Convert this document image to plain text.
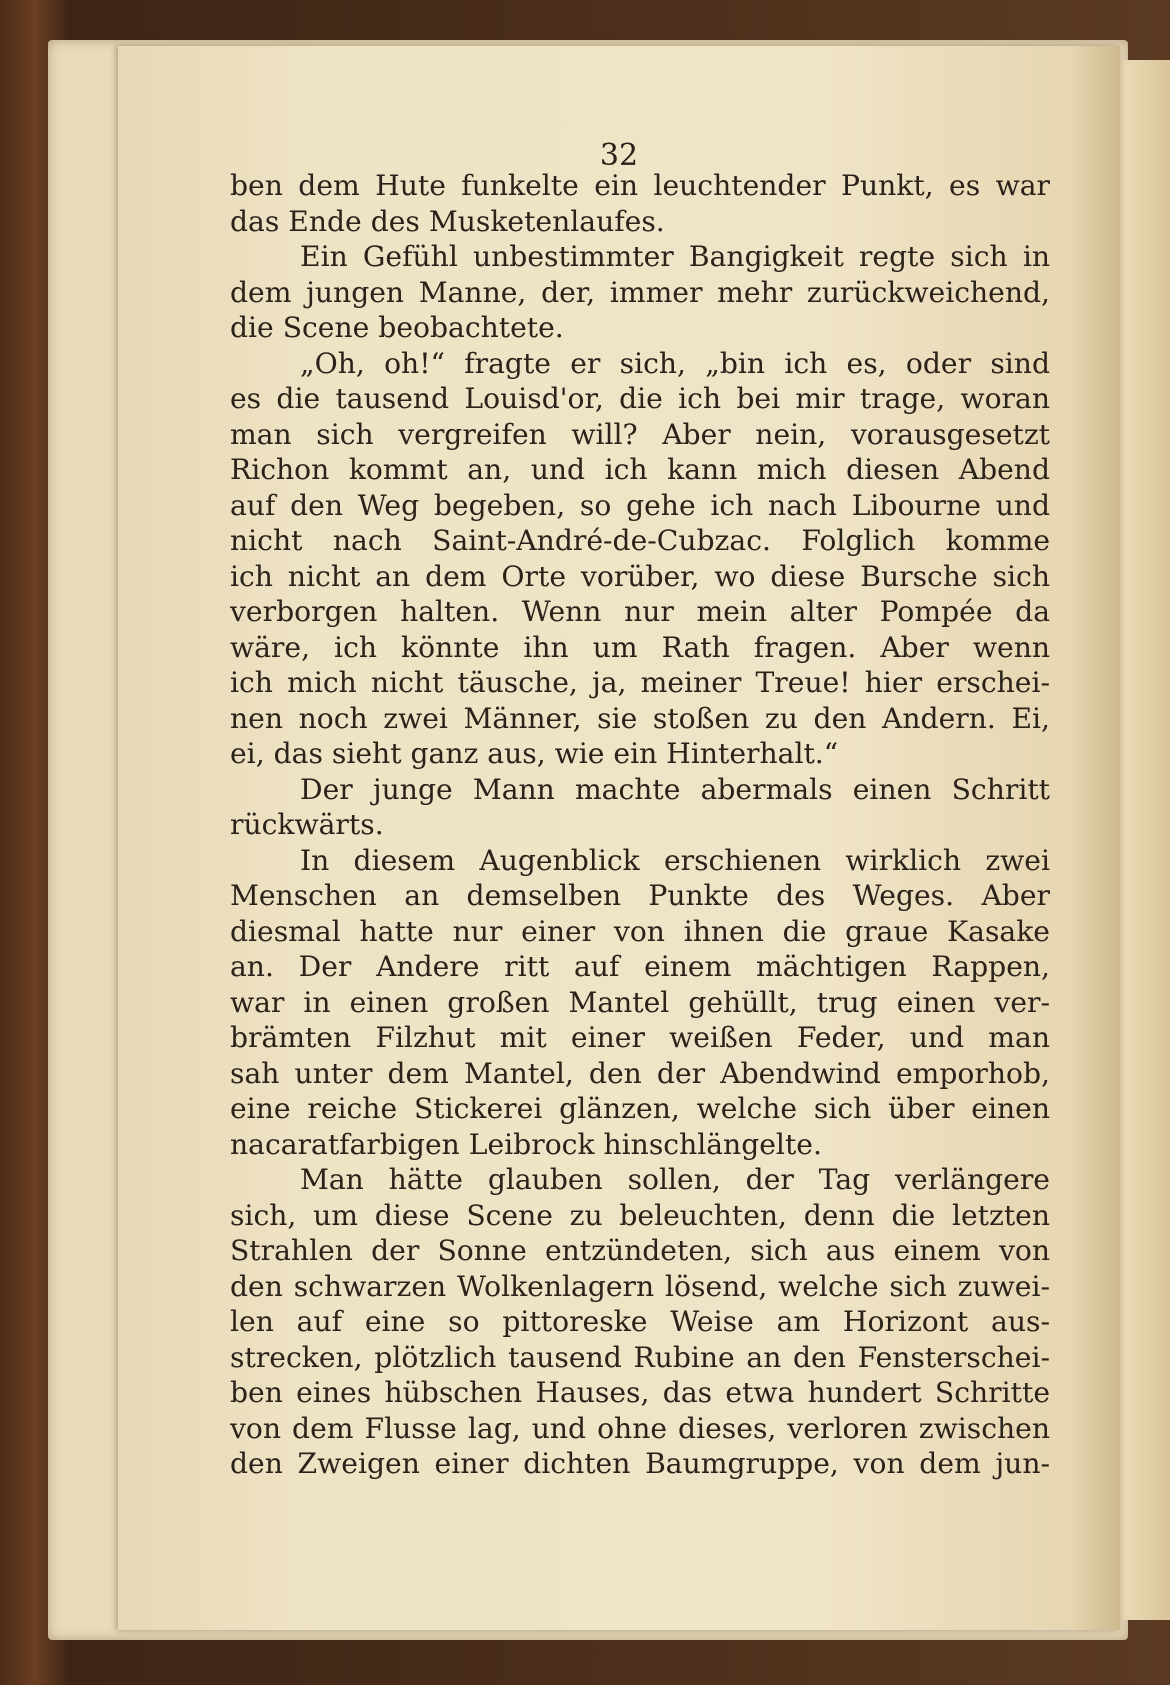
32
ben dem Hute funkelte ein leuchtender Punkt, es war
das Ende des Musketenlaufes.
Ein Gefühl unbestimmter Bangigkeit regte sich in
dem jungen Manne, der, immer mehr zurückweichend,
die Scene beobachtete.
„Oh, oh!“ fragte er sich, „bin ich es, oder sind
es die tausend Louisd'or, die ich bei mir trage, woran
man sich vergreifen will? Aber nein, vorausgesetzt
Richon kommt an, und ich kann mich diesen Abend
auf den Weg begeben, so gehe ich nach Libourne und
nicht nach Saint-André-de-Cubzac. Folglich komme
ich nicht an dem Orte vorüber, wo diese Bursche sich
verborgen halten. Wenn nur mein alter Pompée da
wäre, ich könnte ihn um Rath fragen. Aber wenn
ich mich nicht täusche, ja, meiner Treue! hier erschei-
nen noch zwei Männer, sie stoßen zu den Andern. Ei,
ei, das sieht ganz aus, wie ein Hinterhalt.“
Der junge Mann machte abermals einen Schritt
rückwärts.
In diesem Augenblick erschienen wirklich zwei
Menschen an demselben Punkte des Weges. Aber
diesmal hatte nur einer von ihnen die graue Kasake
an. Der Andere ritt auf einem mächtigen Rappen,
war in einen großen Mantel gehüllt, trug einen ver-
brämten Filzhut mit einer weißen Feder, und man
sah unter dem Mantel, den der Abendwind emporhob,
eine reiche Stickerei glänzen, welche sich über einen
nacaratfarbigen Leibrock hinschlängelte.
Man hätte glauben sollen, der Tag verlängere
sich, um diese Scene zu beleuchten, denn die letzten
Strahlen der Sonne entzündeten, sich aus einem von
den schwarzen Wolkenlagern lösend, welche sich zuwei-
len auf eine so pittoreske Weise am Horizont aus-
strecken, plötzlich tausend Rubine an den Fensterschei-
ben eines hübschen Hauses, das etwa hundert Schritte
von dem Flusse lag, und ohne dieses, verloren zwischen
den Zweigen einer dichten Baumgruppe, von dem jun-
